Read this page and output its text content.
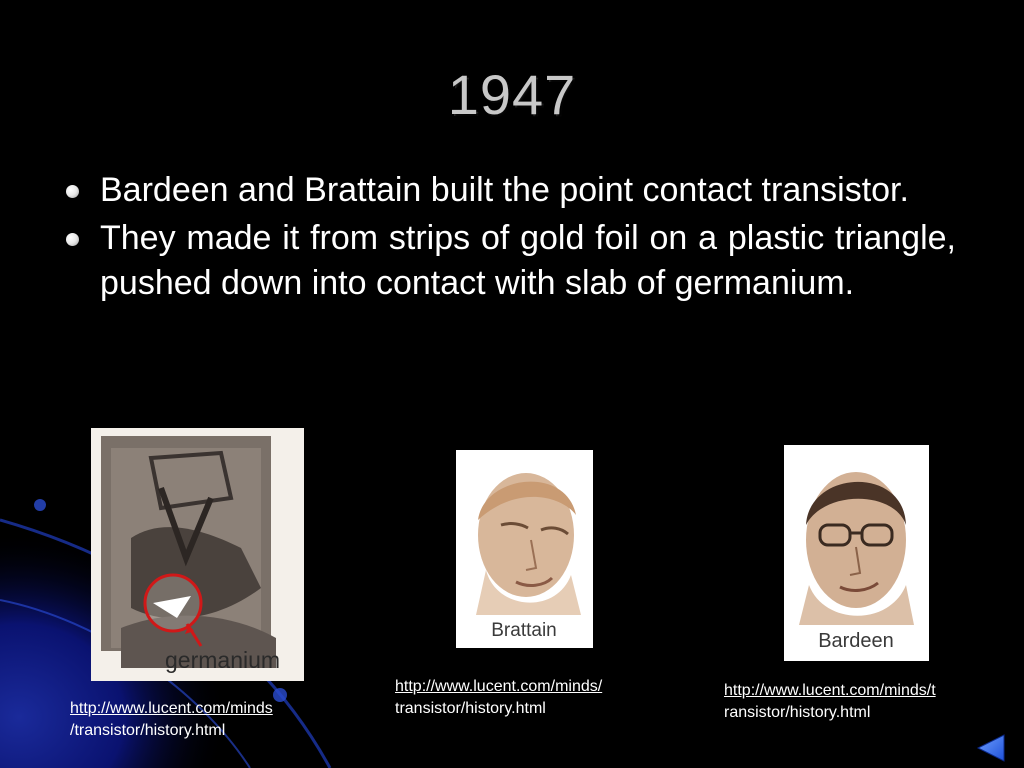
1947
Bardeen and Brattain built the point contact transistor.
They made it from strips of gold foil on a plastic triangle, pushed down into contact with slab of germanium.
germanium
Brattain	Bardeen
http://www.lucent.com/minds
/transistor/history.html
http://www.lucent.com/minds/
transistor/history.html
http://www.lucent.com/minds/t
ransistor/history.html
